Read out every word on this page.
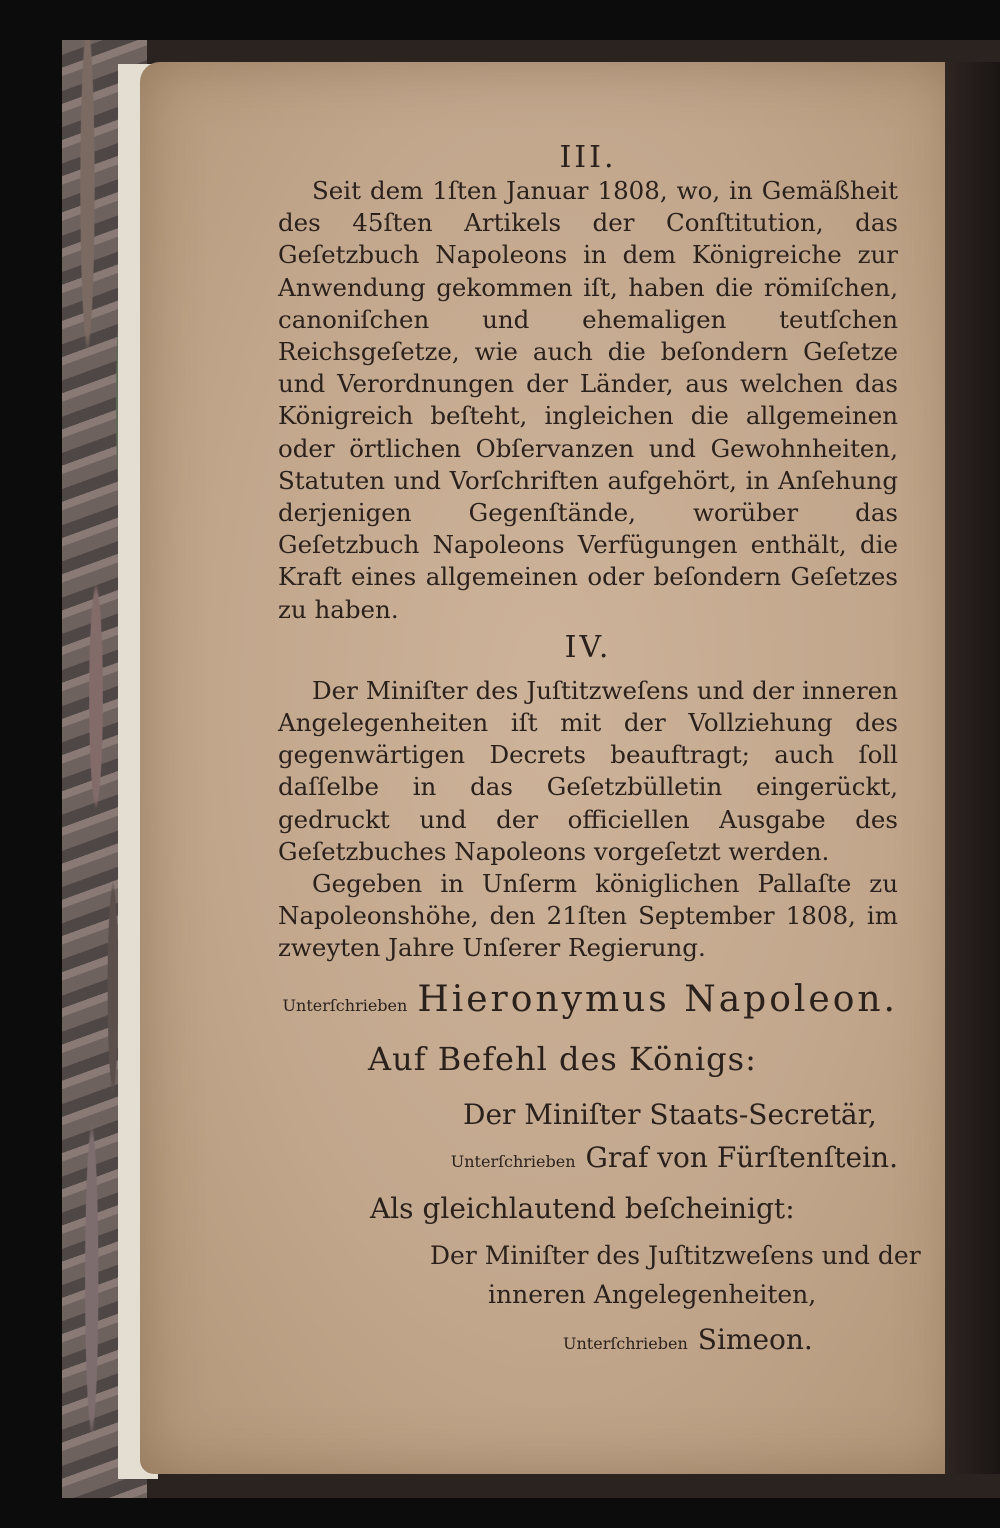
III.

Seit dem 1ſten Januar 1808, wo, in Gemäßheit des 45ſten Artikels der Conſtitution, das Geſetzbuch Napoleons in dem Königreiche zur Anwendung gekommen iſt, haben die römiſchen, canoniſchen und ehemaligen teutſchen Reichsgeſetze, wie auch die beſondern Geſetze und Verordnungen der Länder, aus welchen das Königreich beſteht, ingleichen die allgemeinen oder örtlichen Obſervanzen und Gewohnheiten, Statuten und Vorſchriften aufgehört, in Anſehung derjenigen Gegenſtände, worüber das Geſetzbuch Napoleons Verfügungen enthält, die Kraft eines allgemeinen oder beſondern Geſetzes zu haben.

IV.

Der Miniſter des Juſtitzweſens und der inneren Angelegenheiten iſt mit der Vollziehung des gegenwärtigen Decrets beauftragt; auch ſoll daſſelbe in das Geſetzbülletin eingerückt, gedruckt und der officiellen Ausgabe des Geſetzbuches Napoleons vorgeſetzt werden.

Gegeben in Unſerm königlichen Pallaſte zu Napoleonshöhe, den 21ſten September 1808, im zweyten Jahre Unſerer Regierung.

Unterſchrieben Hieronymus Napoleon.

Auf Befehl des Königs:

Der Miniſter Staats-Secretär,

Unterſchrieben Graf von Fürſtenſtein.

Als gleichlautend beſcheinigt:

Der Miniſter des Juſtitzweſens und der

inneren Angelegenheiten,

Unterſchrieben Simeon.
